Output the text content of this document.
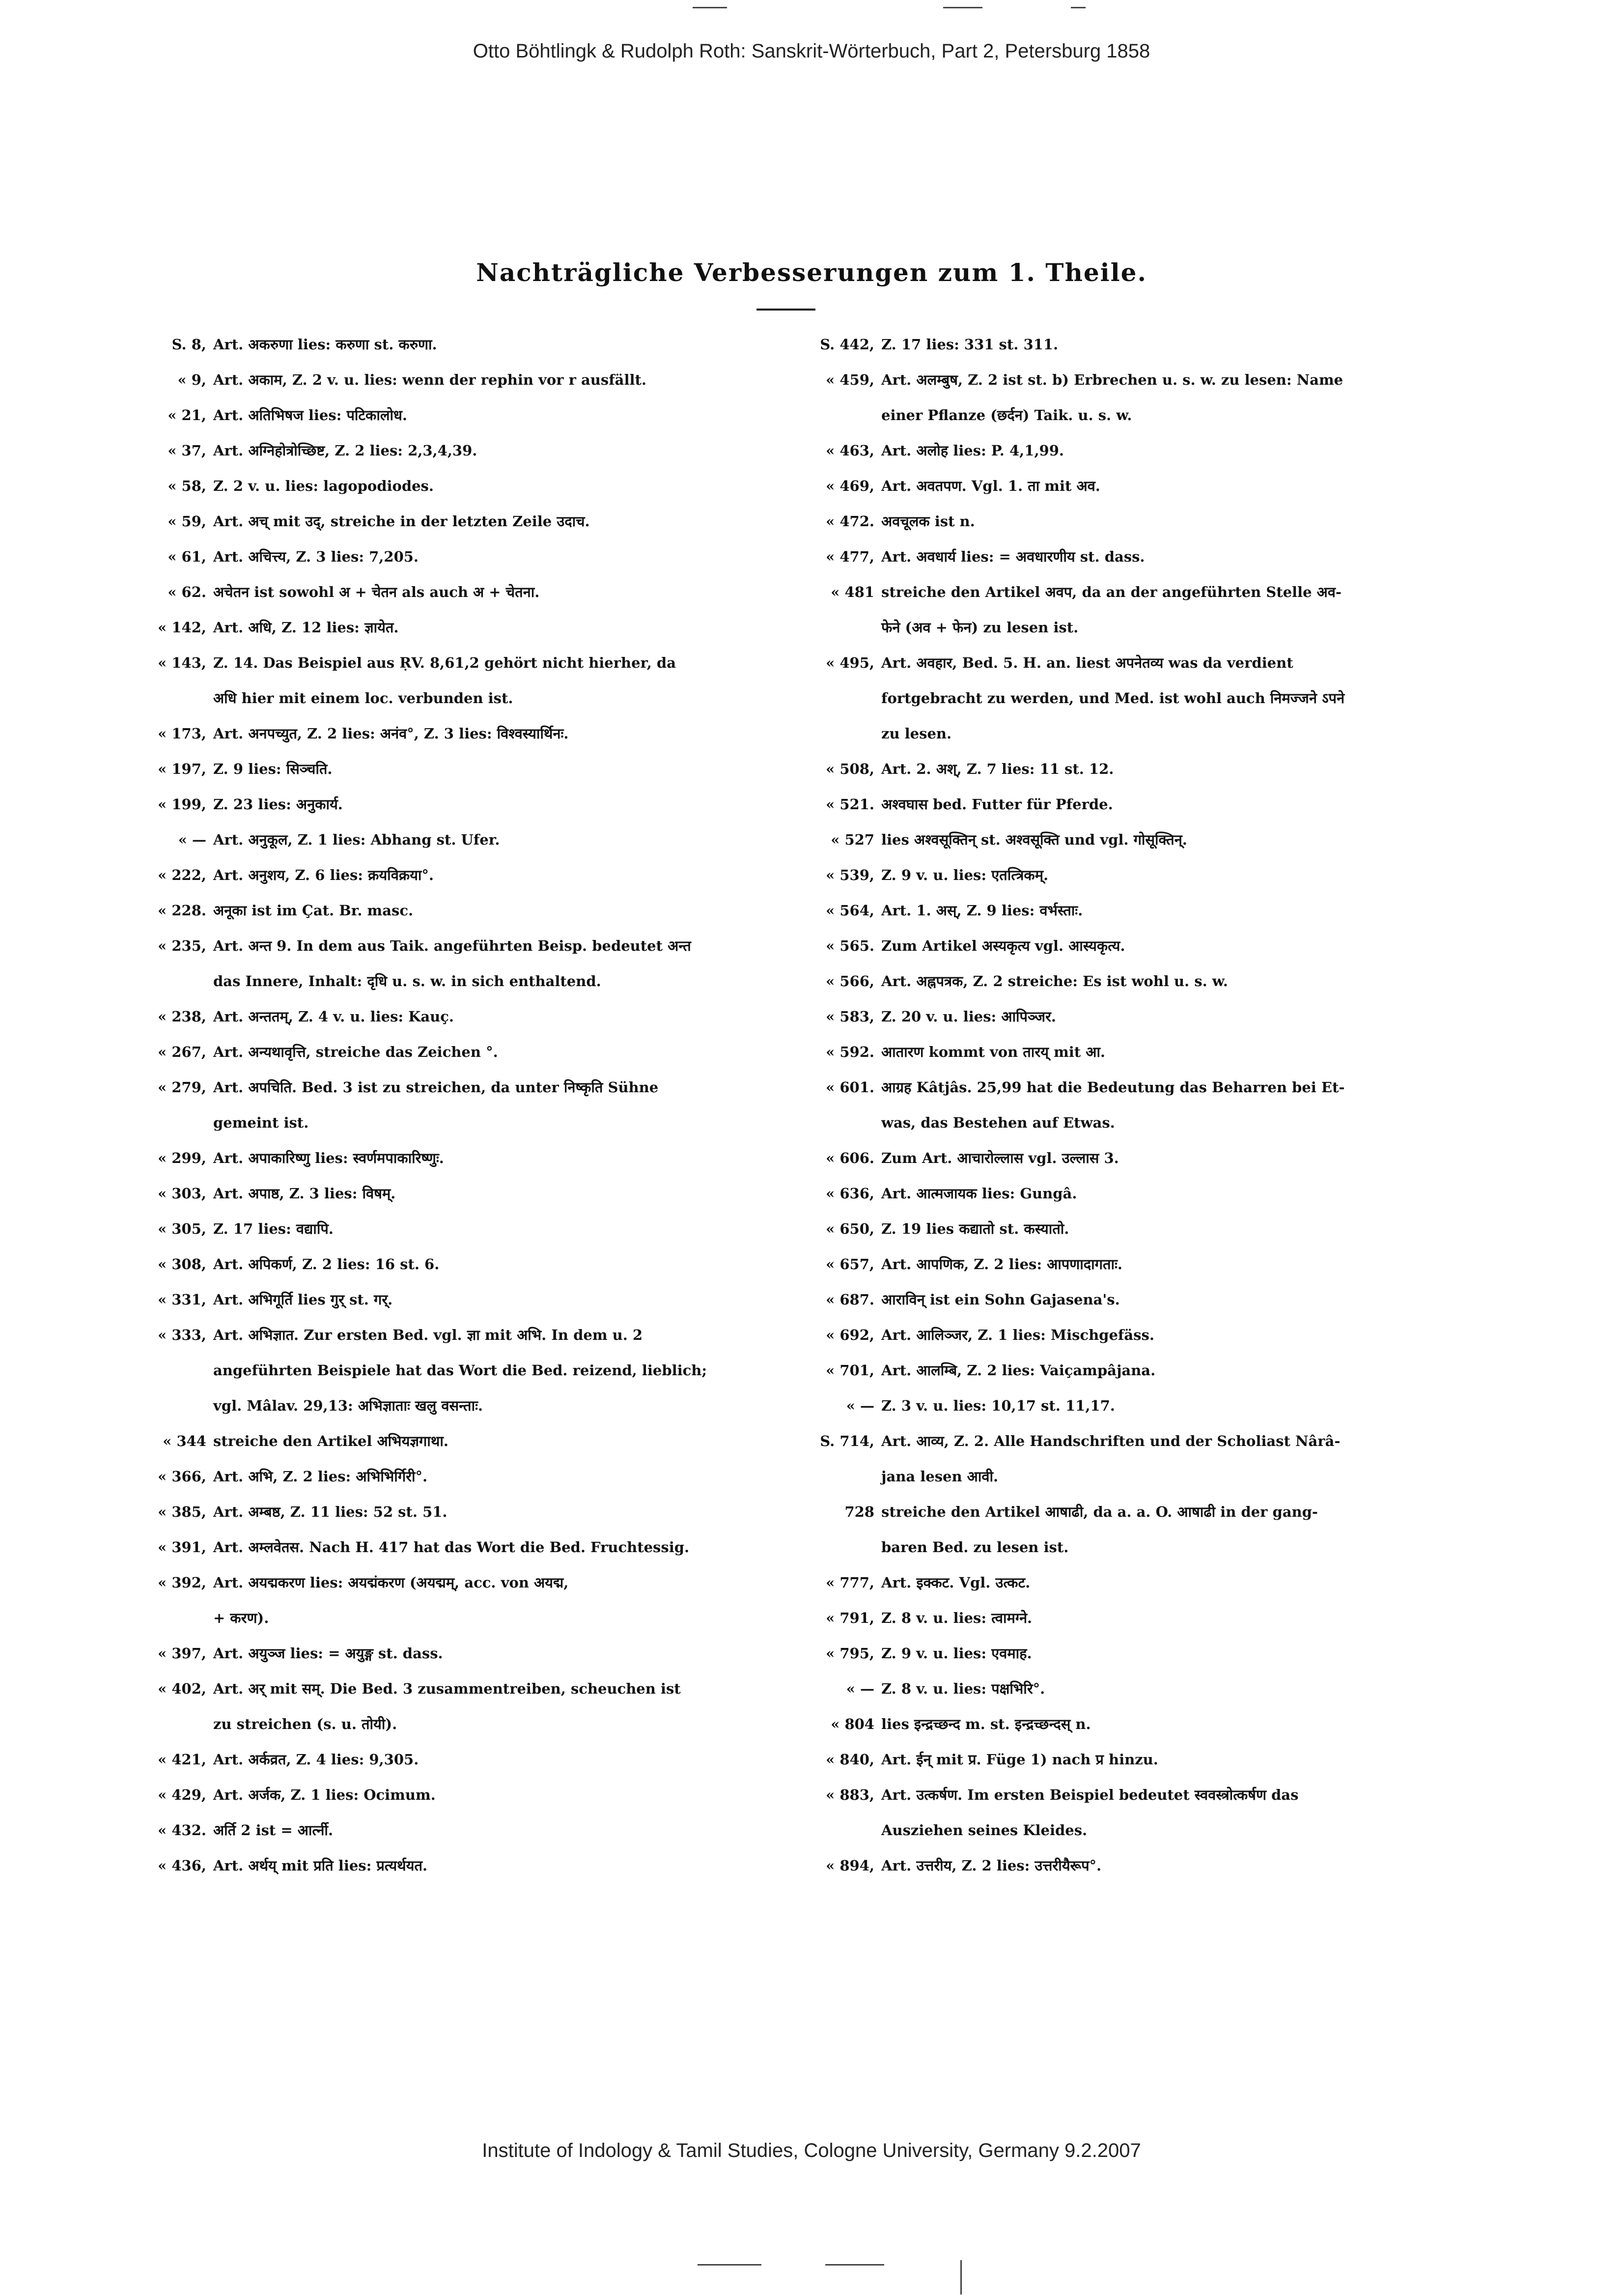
Otto Böhtlingk & Rudolph Roth: Sanskrit-Wörterbuch, Part 2, Petersburg 1858
Nachträgliche Verbesserungen zum 1. Theile.
S. 8, Art. अकरुणा lies: करुणा st. करुणा.
« 9, Art. अकाम, Z. 2 v. u. lies: wenn der rephin vor r ausfällt.
« 21, Art. अतिभिषज lies: पटिकालोध.
« 37, Art. अग्निहोत्रोच्छिष्ट, Z. 2 lies: 2,3,4,39.
« 58, Z. 2 v. u. lies: lagopodiodes.
« 59, Art. अच् mit उद्, streiche in der letzten Zeile उदाच.
« 61, Art. अचित्त्य, Z. 3 lies: 7,205.
« 62. अचेतन ist sowohl अ + चेतन als auch अ + चेतना.
« 142, Art. अधि, Z. 12 lies: ज्ञायेत.
« 143, Z. 14. Das Beispiel aus ṚV. 8,61,2 gehört nicht hierher, da
अधि hier mit einem loc. verbunden ist.
« 173, Art. अनपच्युत, Z. 2 lies: अनंव°, Z. 3 lies: विश्वस्यार्थिनः.
« 197, Z. 9 lies: सिञ्चति.
« 199, Z. 23 lies: अनुकार्य.
« — Art. अनुकूल, Z. 1 lies: Abhang st. Ufer.
« 222, Art. अनुशय, Z. 6 lies: क्रयविक्रया°.
« 228. अनूका ist im Çat. Br. masc.
« 235, Art. अन्त 9. In dem aus Taik. angeführten Beisp. bedeutet अन्त
das Innere, Inhalt: दृधि u. s. w. in sich enthaltend.
« 238, Art. अन्ततम्, Z. 4 v. u. lies: Kauç.
« 267, Art. अन्यथावृत्ति, streiche das Zeichen °.
« 279, Art. अपचिति. Bed. 3 ist zu streichen, da unter निष्कृति Sühne
gemeint ist.
« 299, Art. अपाकारिष्णु lies: स्वर्णमपाकारिष्णुः.
« 303, Art. अपाष्ठ, Z. 3 lies: विषम्.
« 305, Z. 17 lies: वद्यापि.
« 308, Art. अपिकर्ण, Z. 2 lies: 16 st. 6.
« 331, Art. अभिगूर्ति lies गुर् st. गर्.
« 333, Art. अभिज्ञात. Zur ersten Bed. vgl. ज्ञा mit अभि. In dem u. 2
angeführten Beispiele hat das Wort die Bed. reizend, lieblich;
vgl. Mâlav. 29,13: अभिज्ञाताः खलु वसन्ताः.
« 344 streiche den Artikel अभियज्ञगाथा.
« 366, Art. अभि, Z. 2 lies: अभिभिर्गिरी°.
« 385, Art. अम्बष्ठ, Z. 11 lies: 52 st. 51.
« 391, Art. अम्लवेतस. Nach H. 417 hat das Wort die Bed. Fruchtessig.
« 392, Art. अयद्मकरण lies: अयद्मंकरण (अयद्मम्, acc. von अयद्म,
+ करण).
« 397, Art. अयुञ्ज lies: = अयुङ्ग st. dass.
« 402, Art. अर् mit सम्. Die Bed. 3 zusammentreiben, scheuchen ist
zu streichen (s. u. तोयी).
« 421, Art. अर्कव्रत, Z. 4 lies: 9,305.
« 429, Art. अर्जक, Z. 1 lies: Ocimum.
« 432. अर्ति 2 ist = आर्त्नी.
« 436, Art. अर्थय् mit प्रति lies: प्रत्यर्थयत.
S. 442, Z. 17 lies: 331 st. 311.
« 459, Art. अलम्बुष, Z. 2 ist st. b) Erbrechen u. s. w. zu lesen: Name
einer Pflanze (छर्दन) Taik. u. s. w.
« 463, Art. अलोह lies: P. 4,1,99.
« 469, Art. अवतपण. Vgl. 1. ता mit अव.
« 472. अवचूलक ist n.
« 477, Art. अवधार्य lies: = अवधारणीय st. dass.
« 481 streiche den Artikel अवप, da an der angeführten Stelle अव-
फेने (अव + फेन) zu lesen ist.
« 495, Art. अवहार, Bed. 5. H. an. liest अपनेतव्य was da verdient
fortgebracht zu werden, und Med. ist wohl auch निमज्जने ऽपने
zu lesen.
« 508, Art. 2. अश्, Z. 7 lies: 11 st. 12.
« 521. अश्वघास bed. Futter für Pferde.
« 527 lies अश्वसूक्तिन् st. अश्वसूक्ति und vgl. गोसूक्तिन्.
« 539, Z. 9 v. u. lies: एतत्त्रिकम्.
« 564, Art. 1. अस्, Z. 9 lies: वर्भस्ताः.
« 565. Zum Artikel अस्यकृत्य vgl. आस्यकृत्य.
« 566, Art. अह्नपत्रक, Z. 2 streiche: Es ist wohl u. s. w.
« 583, Z. 20 v. u. lies: आपिञ्जर.
« 592. आतारण kommt von तारय् mit आ.
« 601. आग्रह Kâtjâs. 25,99 hat die Bedeutung das Beharren bei Et-
was, das Bestehen auf Etwas.
« 606. Zum Art. आचारोल्लास vgl. उल्लास 3.
« 636, Art. आत्मजायक lies: Gungâ.
« 650, Z. 19 lies कद्यातो st. कस्यातो.
« 657, Art. आपणिक, Z. 2 lies: आपणादागताः.
« 687. आराविन् ist ein Sohn Gajasena's.
« 692, Art. आलिञ्जर, Z. 1 lies: Mischgefäss.
« 701, Art. आलम्बि, Z. 2 lies: Vaiçampâjana.
« — Z. 3 v. u. lies: 10,17 st. 11,17.
S. 714, Art. आव्य, Z. 2. Alle Handschriften und der Scholiast Nârâ-
jana lesen आवी.
728 streiche den Artikel आषाढी, da a. a. O. आषाढी in der gang-
baren Bed. zu lesen ist.
« 777, Art. इक्कट. Vgl. उत्कट.
« 791, Z. 8 v. u. lies: त्वामग्ने.
« 795, Z. 9 v. u. lies: एवमाह.
« — Z. 8 v. u. lies: पक्षभिरि°.
« 804 lies इन्द्रच्छन्द m. st. इन्द्रच्छन्दस् n.
« 840, Art. ईन् mit प्र. Füge 1) nach प्र hinzu.
« 883, Art. उत्कर्षण. Im ersten Beispiel bedeutet स्ववस्त्रोत्कर्षण das
Ausziehen seines Kleides.
« 894, Art. उत्तरीय, Z. 2 lies: उत्तरीयैरूप°.
Institute of Indology & Tamil Studies, Cologne University, Germany 9.2.2007
